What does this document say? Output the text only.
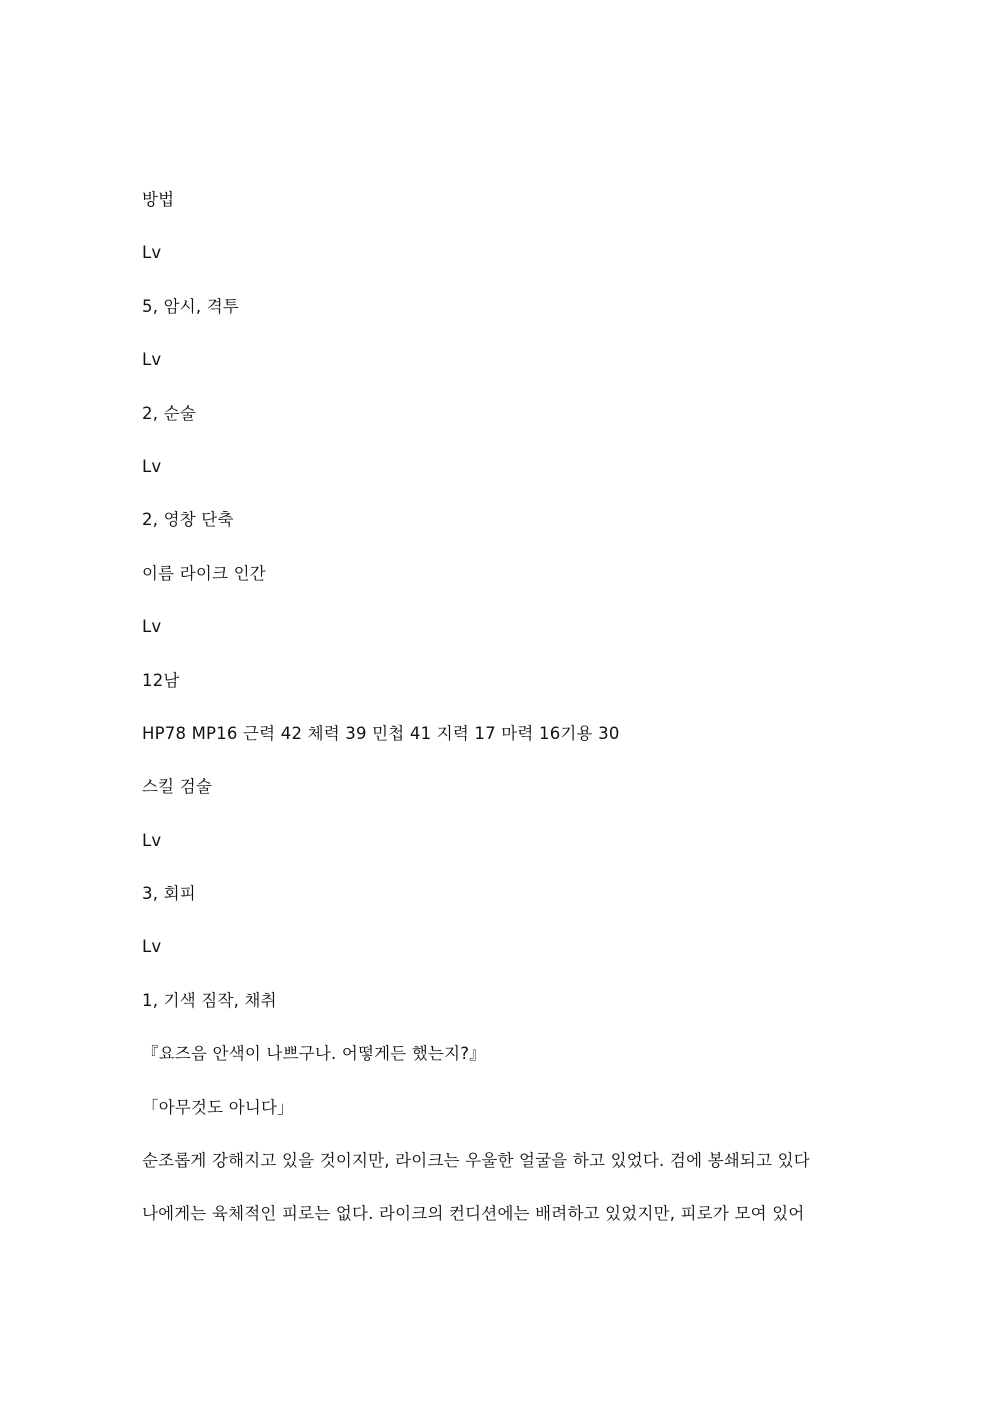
방법
Lv
5, 암시, 격투
Lv
2, 순술
Lv
2, 영창 단축
이름 라이크 인간
Lv
12남
HP78 MP16 근력 42 체력 39 민첩 41 지력 17 마력 16기용 30
스킬 검술
Lv
3, 회피
Lv
1, 기색 짐작, 채취
『요즈음 안색이 나쁘구나. 어떻게든 했는지?』
「아무것도 아니다」
순조롭게 강해지고 있을 것이지만, 라이크는 우울한 얼굴을 하고 있었다. 검에 봉쇄되고 있다
나에게는 육체적인 피로는 없다. 라이크의 컨디션에는 배려하고 있었지만, 피로가 모여 있어
